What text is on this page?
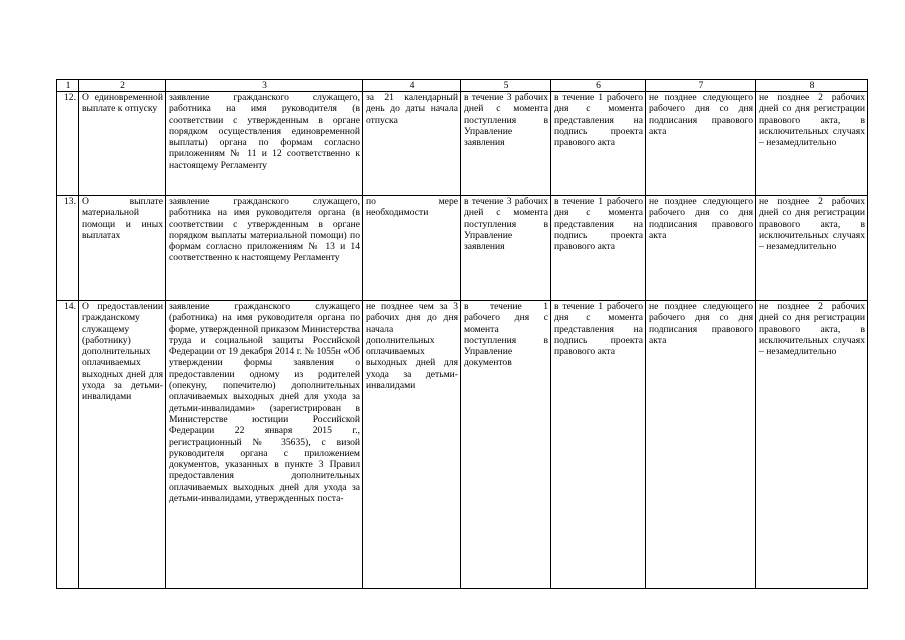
1	2	3	4	5	6	7	8
12.	О единовременной выплате к отпуску	заявление гражданского служащего, работника на имя руководителя (в соответствии с утвержденным в органе порядком осуществления единовременной выплаты) органа по формам согласно приложениям № 11 и 12 соответственно к настоящему Регламенту	за 21 календарный день до даты начала отпуска	в течение 3 рабочих дней с момента поступления в Управление заявления	в течение 1 рабочего дня с момента представления на подпись проекта правового акта	не позднее следующего рабочего дня со дня подписания правового акта	не позднее 2 рабочих дней со дня регистрации правового акта, в исключительных случаях – незамедлительно
13.	О выплате материальной помощи и иных выплатах	заявление гражданского служащего, работника на имя руководителя органа (в соответствии с утвержденным в органе порядком выплаты материальной помощи) по формам согласно приложениям № 13 и 14 соответственно к настоящему Регламенту	по мере необходимости	в течение 3 рабочих дней с момента поступления в Управление заявления	в течение 1 рабочего дня с момента представления на подпись проекта правового акта	не позднее следующего рабочего дня со дня подписания правового акта	не позднее 2 рабочих дней со дня регистрации правового акта, в исключительных случаях – незамедлительно
14.	О предоставлении гражданскому служащему (работнику) дополнительных оплачиваемых выходных дней для ухода за детьми-инвалидами	заявление гражданского служащего (работника) на имя руководителя органа по форме, утвержденной приказом Министерства труда и социальной защиты Российской Федерации от 19 декабря 2014 г. № 1055н «Об утверждении формы заявления о предоставлении одному из родителей (опекуну, попечителю) дополнительных оплачиваемых выходных дней для ухода за детьми-инвалидами» (зарегистрирован в Министерстве юстиции Российской Федерации 22 января 2015 г., регистрационный № 35635), с визой руководителя органа с приложением документов, указанных в пункте 3 Правил предоставления дополнительных оплачиваемых выходных дней для ухода за детьми-инвалидами, утвержденных поста-	не позднее чем за 3 рабочих дня до дня начала дополнительных оплачиваемых выходных дней для ухода за детьми-инвалидами	в течение 1 рабочего дня с момента поступления в Управление документов	в течение 1 рабочего дня с момента представления на подпись проекта правового акта	не позднее следующего рабочего дня со дня подписания правового акта	не позднее 2 рабочих дней со дня регистрации правового акта, в исключительных случаях – незамедлительно
